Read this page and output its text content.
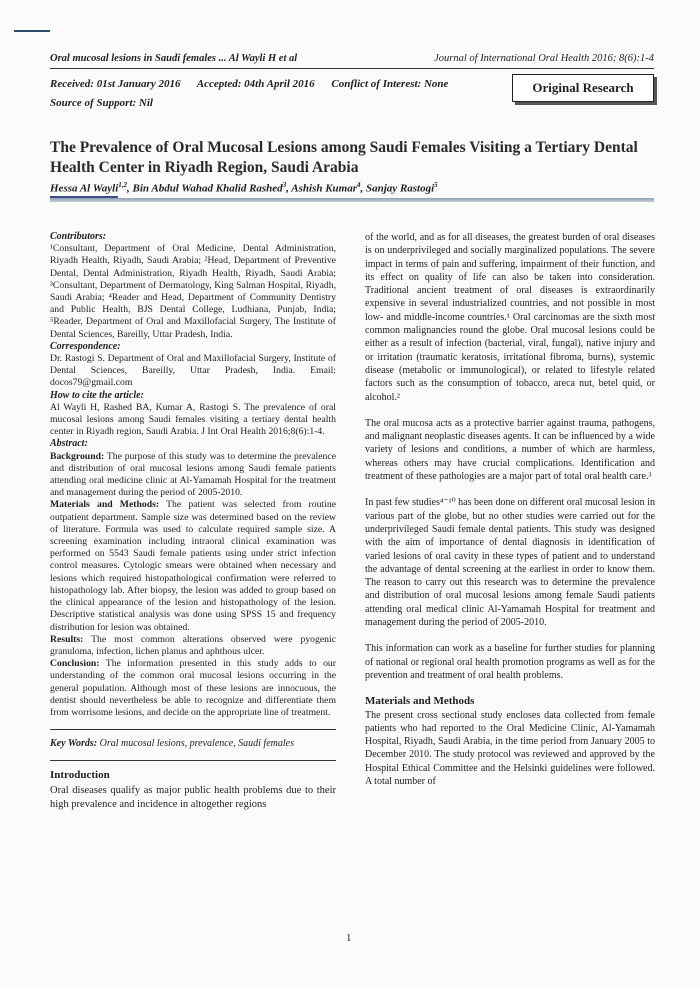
Oral mucosal lesions in Saudi females ... Al Wayli H et al	Journal of International Oral Health 2016; 8(6):1-4
Received: 01st January 2016 Accepted: 04th April 2016 Conflict of Interest: None
Source of Support: Nil
Original Research
The Prevalence of Oral Mucosal Lesions among Saudi Females Visiting a Tertiary Dental Health Center in Riyadh Region, Saudi Arabia
Hessa Al Wayli$^{1,2}$, Bin Abdul Wahad Khalid Rashed$^3$, Ashish Kumar$^4$, Sanjay Rastogi$^5$

Contributors:

¹Consultant, Department of Oral Medicine, Dental Administration, Riyadh Health, Riyadh, Saudi Arabia; ²Head, Department of Preventive Dental, Dental Administration, Riyadh Health, Riyadh, Saudi Arabia; ³Consultant, Department of Dermatology, King Salman Hospital, Riyadh, Saudi Arabia; ⁴Reader and Head, Department of Community Dentistry and Public Health, BJS Dental College, Ludhiana, Punjab, India; ⁵Reader, Department of Oral and Maxillofacial Surgery, The Institute of Dental Sciences, Bareilly, Uttar Pradesh, India.

Correspondence:

Dr. Rastogi S. Department of Oral and Maxillofacial Surgery, Institute of Dental Sciences, Bareilly, Uttar Pradesh, India. Email: docos79@gmail.com

How to cite the article:

Al Wayli H, Rashed BA, Kumar A, Rastogi S. The prevalence of oral mucosal lesions among Saudi females visiting a tertiary dental health center in Riyadh region, Saudi Arabia. J Int Oral Health 2016;8(6):1-4.

Abstract:

Background: The purpose of this study was to determine the prevalence and distribution of oral mucosal lesions among Saudi female patients attending oral medicine clinic at Al-Yamamah Hospital for the treatment and management during the period of 2005-2010.

Materials and Methods: The patient was selected from routine outpatient department. Sample size was determined based on the review of literature. Formula was used to calculate required sample size. A screening examination including intraoral clinical examination was performed on 5543 Saudi female patients using under strict infection control measures. Cytologic smears were obtained when necessary and lesions which required histopathological confirmation were referred to histopathology lab. After biopsy, the lesion was added to group based on the clinical appearance of the lesion and histopathology of the lesion. Descriptive statistical analysis was done using SPSS 15 and frequency distribution for lesion was obtained.

Results: The most common alterations observed were pyogenic granuloma, infection, lichen planus and aphthous ulcer.

Conclusion: The information presented in this study adds to our understanding of the common oral mucosal lesions occurring in the general population. Although most of these lesions are innocuous, the dentist should nevertheless be able to recognize and differentiate them from worrisome lesions, and decide on the appropriate line of treatment.

Key Words: Oral mucosal lesions, prevalence, Saudi females

Introduction

Oral diseases qualify as major public health problems due to their high prevalence and incidence in altogether regions

of the world, and as for all diseases, the greatest burden of oral diseases is on underprivileged and socially marginalized populations. The severe impact in terms of pain and suffering, impairment of their function, and its effect on quality of life can also be taken into consideration. Traditional ancient treatment of oral diseases is extraordinarily expensive in several industrialized countries, and not possible in most low- and middle-income countries.¹ Oral carcinomas are the sixth most common malignancies round the globe. Oral mucosal lesions could be either as a result of infection (bacterial, viral, fungal), native injury and or irritation (traumatic keratosis, irritational fibroma, burns), systemic disease (metabolic or immunological), or related to lifestyle related factors such as the consumption of tobacco, areca nut, betel quid, or alcohol.²

The oral mucosa acts as a protective barrier against trauma, pathogens, and malignant neoplastic diseases agents. It can be influenced by a wide variety of lesions and conditions, a number of which are harmless, whereas others may have crucial complications. Identification and treatment of these pathologies are a major part of total oral health care.³

In past few studies⁴⁻¹⁰ has been done on different oral mucosal lesion in various part of the globe, but no other studies were carried out for the underprivileged Saudi female dental patients. This study was designed with the aim of importance of dental diagnosis in identification of varied lesions of oral cavity in these types of patient and to understand the advantage of dental screening at the earliest in order to know them. The reason to carry out this research was to determine the prevalence and distribution of oral mucosal lesions among female Saudi patients attending oral medical clinic Al-Yamamah Hospital for treatment and management during the period of 2005-2010.

This information can work as a baseline for further studies for planning of national or regional oral health promotion programs as well as for the prevention and treatment of oral health problems.

Materials and Methods

The present cross sectional study encloses data collected from female patients who had reported to the Oral Medicine Clinic, Al-Yamamah Hospital, Riyadh, Saudi Arabia, in the time period from January 2005 to December 2010. The study protocol was reviewed and approved by the Hospital Ethical Committee and the Helsinki guidelines were followed. A total number of

1
